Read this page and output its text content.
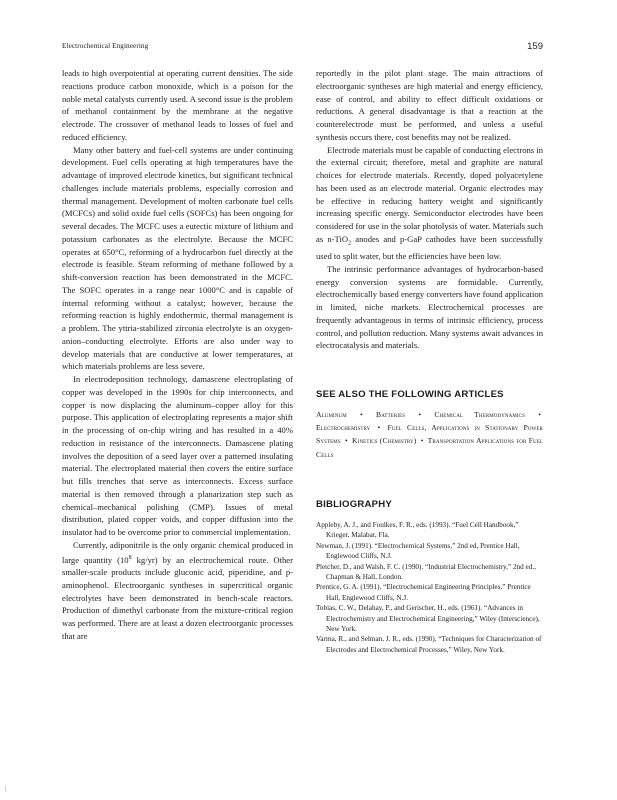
Electrochemical Engineering	159

leads to high overpotential at operating current densities. The side reactions produce carbon monoxide, which is a poison for the noble metal catalysts currently used. A second issue is the problem of methanol containment by the membrane at the negative electrode. The crossover of methanol leads to losses of fuel and reduced efficiency.

Many other battery and fuel-cell systems are under continuing development. Fuel cells operating at high temperatures have the advantage of improved electrode kinetics, but significant technical challenges include materials problems, especially corrosion and thermal management. Development of molten carbonate fuel cells (MCFCs) and solid oxide fuel cells (SOFCs) has been ongoing for several decades. The MCFC uses a eutectic mixture of lithium and potassium carbonates as the electrolyte. Because the MCFC operates at 650°C, reforming of a hydrocarbon fuel directly at the electrode is feasible. Steam reforming of methane followed by a shift-conversion reaction has been demonstrated in the MCFC. The SOFC operates in a range near 1000°C and is capable of internal reforming without a catalyst; however, because the reforming reaction is highly endothermic, thermal management is a problem. The yttria-stabilized zirconia electrolyte is an oxygen-anion–conducting electrolyte. Efforts are also under way to develop materials that are conductive at lower temperatures, at which materials problems are less severe.

In electrodeposition technology, damascene electroplating of copper was developed in the 1990s for chip interconnects, and copper is now displacing the aluminum–copper alloy for this purpose. This application of electroplating represents a major shift in the processing of on-chip wiring and has resulted in a 40% reduction in resistance of the interconnects. Damascene plating involves the deposition of a seed layer over a patterned insulating material. The electroplated material then covers the entire surface but fills trenches that serve as interconnects. Excess surface material is then removed through a planarization step such as chemical–mechanical polishing (CMP). Issues of metal distribution, plated copper voids, and copper diffusion into the insulator had to be overcome prior to commercial implementation.

Currently, adiponitrile is the only organic chemical produced in large quantity ($10^8$ kg/yr) by an electrochemical route. Other smaller-scale products include gluconic acid, piperidine, and p-aminophenol. Electroorganic syntheses in supercritical organic electrolytes have been demonstrated in bench-scale reactors. Production of dimethyl carbonate from the mixture-critical region was performed. There are at least a dozen electroorganic processes that are

reportedly in the pilot plant stage. The main attractions of electroorganic syntheses are high material and energy efficiency, ease of control, and ability to effect difficult oxidations or reductions. A general disadvantage is that a reaction at the counterelectrode must be performed, and unless a useful synthesis occurs there, cost benefits may not be realized.

Electrode materials must be capable of conducting electrons in the external circuit; therefore, metal and graphite are natural choices for electrode materials. Recently, doped polyacetylene has been used as an electrode material. Organic electrodes may be effective in reducing battery weight and significantly increasing specific energy. Semiconductor electrodes have been considered for use in the solar photolysis of water. Materials such as n-TiO$_2$ anodes and p-GaP cathodes have been successfully used to split water, but the efficiencies have been low.

The intrinsic performance advantages of hydrocarbon-based energy conversion systems are formidable. Currently, electrochemically based energy converters have found application in limited, niche markets. Electrochemical processes are frequently advantageous in terms of intrinsic efficiency, process control, and pollution reduction. Many systems await advances in electrocatalysis and materials.

SEE ALSO THE FOLLOWING ARTICLES
Aluminum • Batteries • Chemical Thermodynamics • Electrochemistry • Fuel Cells, Applications in Stationary Power Systems • Kinetics (Chemistry) • Transportation Applications for Fuel Cells
BIBLIOGRAPHY

Appleby, A. J., and Foulkes, F. R., eds. (1993). “Fuel Cell Handbook,” Krieger, Malabar, Fla.

Newman, J. (1991). “Electrochemical Systems,” 2nd ed, Prentice Hall, Englewood Cliffs, N.J.

Pletcher, D., and Walsh, F. C. (1990). “Industrial Electrochemistry,” 2nd ed., Chapman & Hall, London.

Prentice, G. A. (1991). “Electrochemical Engineering Principles,” Prentice Hall, Englewood Cliffs, N.J.

Tobias, C. W., Delahay, P., and Gerischer, H., eds. (1961). “Advances in Electrochemistry and Electrochemical Engineering,” Wiley (Interscience), New York.

Varma, R., and Selman, J. R., eds. (1990). “Techniques for Characterization of Electrodes and Electrochemical Processes,” Wiley, New York.
